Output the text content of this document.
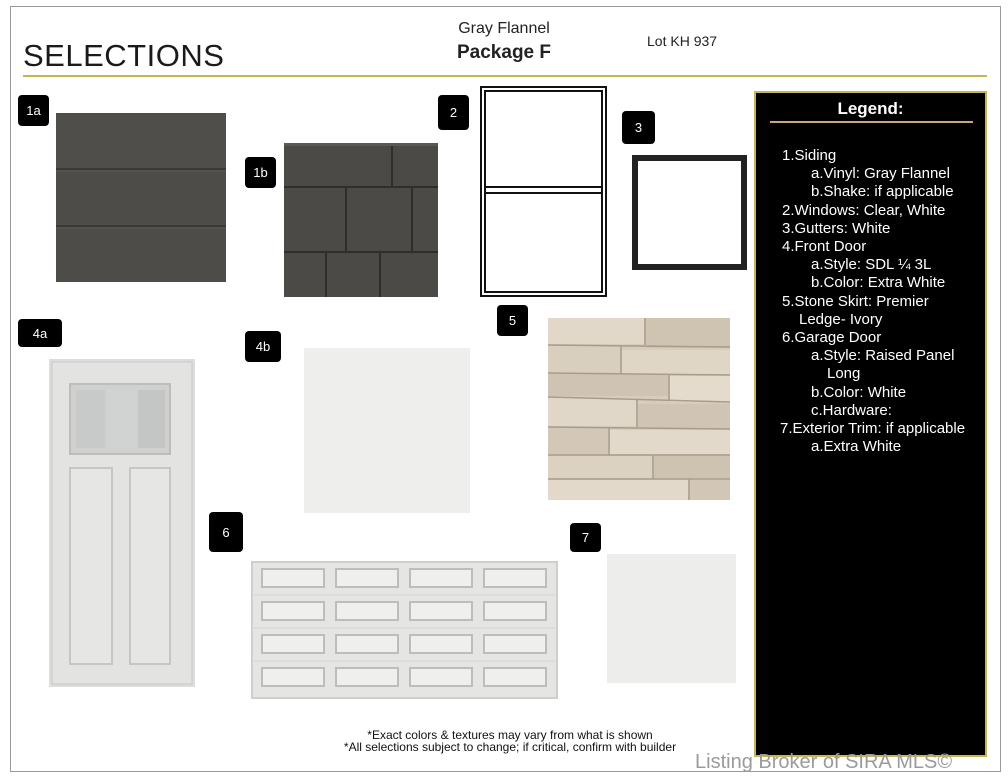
SELECTIONS
Gray Flannel
Package F
Lot KH 937
1a
1b
2
3
4a
4b
5
6	7
Legend:
1.Siding
a.Vinyl: Gray Flannel
b.Shake: if applicable
2.Windows: Clear, White
3.Gutters: White
4.Front Door
a.Style: SDL ¼ 3L
b.Color: Extra White
5.Stone Skirt: Premier
Ledge- Ivory
6.Garage Door
a.Style: Raised Panel
Long
b.Color: White
c.Hardware:
7.Exterior Trim: if applicable
a.Extra White
*Exact colors & textures may vary from what is shown
*All selections subject to change; if critical, confirm with builder
Listing Broker of SIRA MLS©
